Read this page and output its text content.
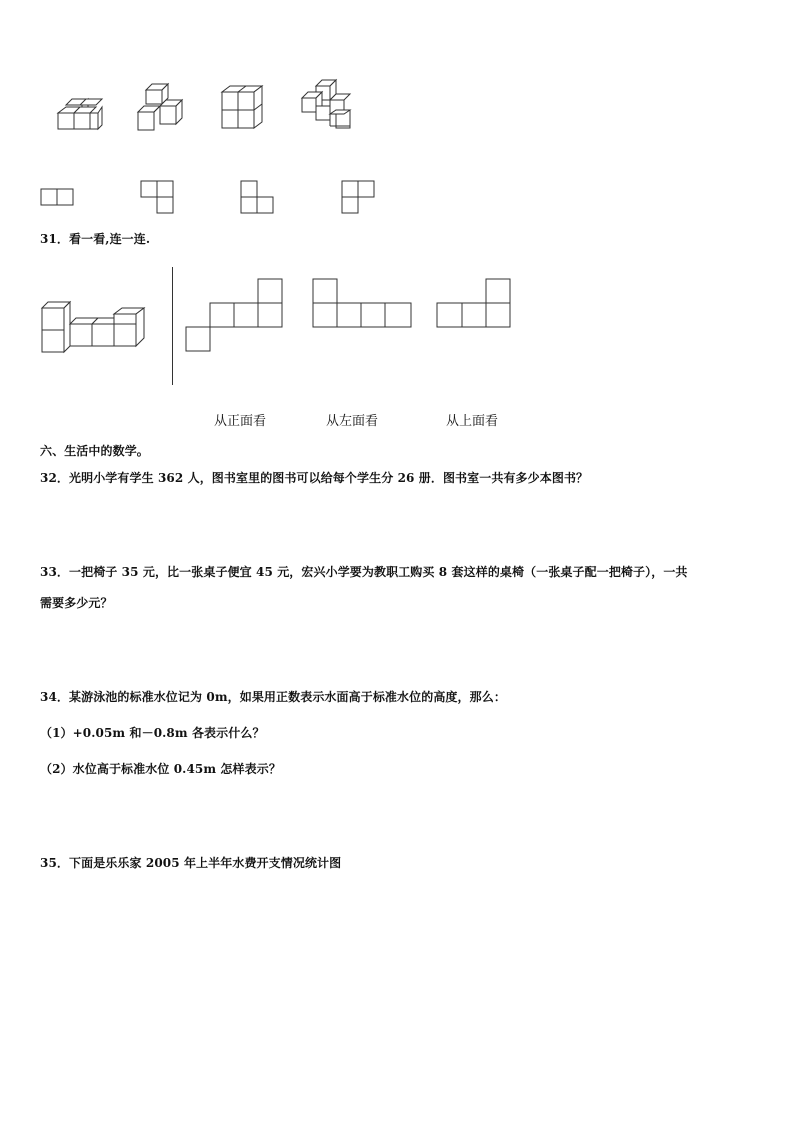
31．看一看,连一连.
从正面看	从左面看	从上面看
六、生活中的数学。
32．光明小学有学生 362 人，图书室里的图书可以给每个学生分 26 册．图书室一共有多少本图书？
33．一把椅子 35 元，比一张桌子便宜 45 元，宏兴小学要为教职工购买 8 套这样的桌椅（一张桌子配一把椅子），一共
需要多少元？
34．某游泳池的标准水位记为 0m，如果用正数表示水面高于标准水位的高度，那么：
（1）+0.05m 和－0.8m 各表示什么？
（2）水位高于标准水位 0.45m 怎样表示？
35．下面是乐乐家 2005 年上半年水费开支情况统计图
